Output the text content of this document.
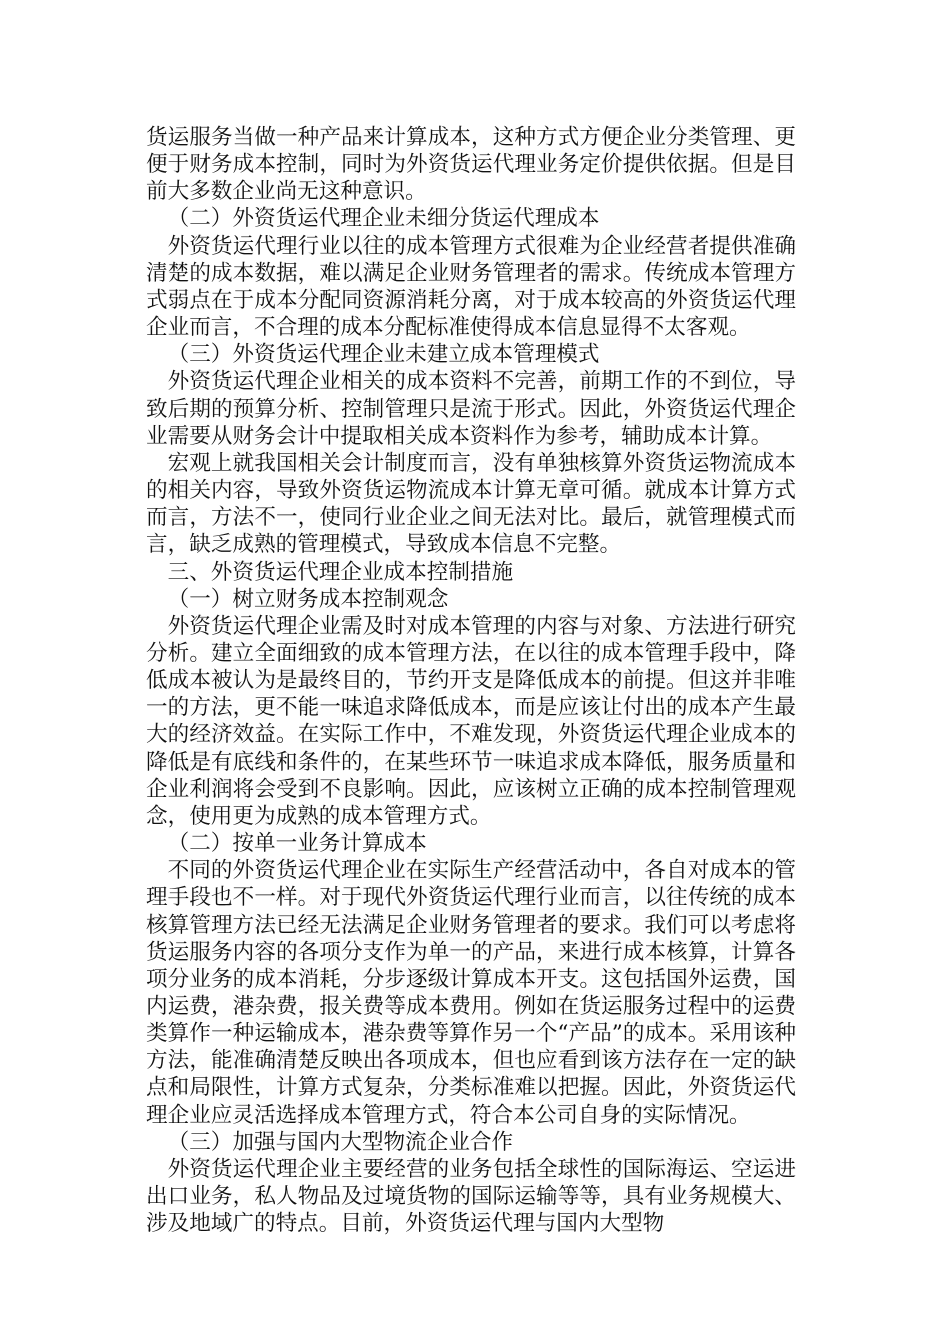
货运服务当做一种产品来计算成本，这种方式方便企业分类管理、更便于财务成本控制，同时为外资货运代理业务定价提供依据。但是目前大多数企业尚无这种意识。

（二）外资货运代理企业未细分货运代理成本

外资货运代理行业以往的成本管理方式很难为企业经营者提供准确清楚的成本数据，难以满足企业财务管理者的需求。传统成本管理方式弱点在于成本分配同资源消耗分离，对于成本较高的外资货运代理企业而言，不合理的成本分配标准使得成本信息显得不太客观。

（三）外资货运代理企业未建立成本管理模式

外资货运代理企业相关的成本资料不完善，前期工作的不到位，导致后期的预算分析、控制管理只是流于形式。因此，外资货运代理企业需要从财务会计中提取相关成本资料作为参考，辅助成本计算。

宏观上就我国相关会计制度而言，没有单独核算外资货运物流成本的相关内容，导致外资货运物流成本计算无章可循。就成本计算方式而言，方法不一，使同行业企业之间无法对比。最后，就管理模式而言，缺乏成熟的管理模式，导致成本信息不完整。

三、外资货运代理企业成本控制措施

（一）树立财务成本控制观念

外资货运代理企业需及时对成本管理的内容与对象、方法进行研究分析。建立全面细致的成本管理方法，在以往的成本管理手段中，降低成本被认为是最终目的，节约开支是降低成本的前提。但这并非唯一的方法，更不能一味追求降低成本，而是应该让付出的成本产生最大的经济效益。在实际工作中，不难发现，外资货运代理企业成本的降低是有底线和条件的，在某些环节一味追求成本降低，服务质量和企业利润将会受到不良影响。因此，应该树立正确的成本控制管理观念，使用更为成熟的成本管理方式。

（二）按单一业务计算成本

不同的外资货运代理企业在实际生产经营活动中，各自对成本的管理手段也不一样。对于现代外资货运代理行业而言，以往传统的成本核算管理方法已经无法满足企业财务管理者的要求。我们可以考虑将货运服务内容的各项分支作为单一的产品，来进行成本核算，计算各项分业务的成本消耗，分步逐级计算成本开支。这包括国外运费，国内运费，港杂费，报关费等成本费用。例如在货运服务过程中的运费类算作一种运输成本，港杂费等算作另一个“产品”的成本。采用该种方法，能准确清楚反映出各项成本，但也应看到该方法存在一定的缺点和局限性，计算方式复杂，分类标准难以把握。因此，外资货运代理企业应灵活选择成本管理方式，符合本公司自身的实际情况。

（三）加强与国内大型物流企业合作

外资货运代理企业主要经营的业务包括全球性的国际海运、空运进出口业务，私人物品及过境货物的国际运输等等，具有业务规模大、涉及地域广的特点。目前，外资货运代理与国内大型物
